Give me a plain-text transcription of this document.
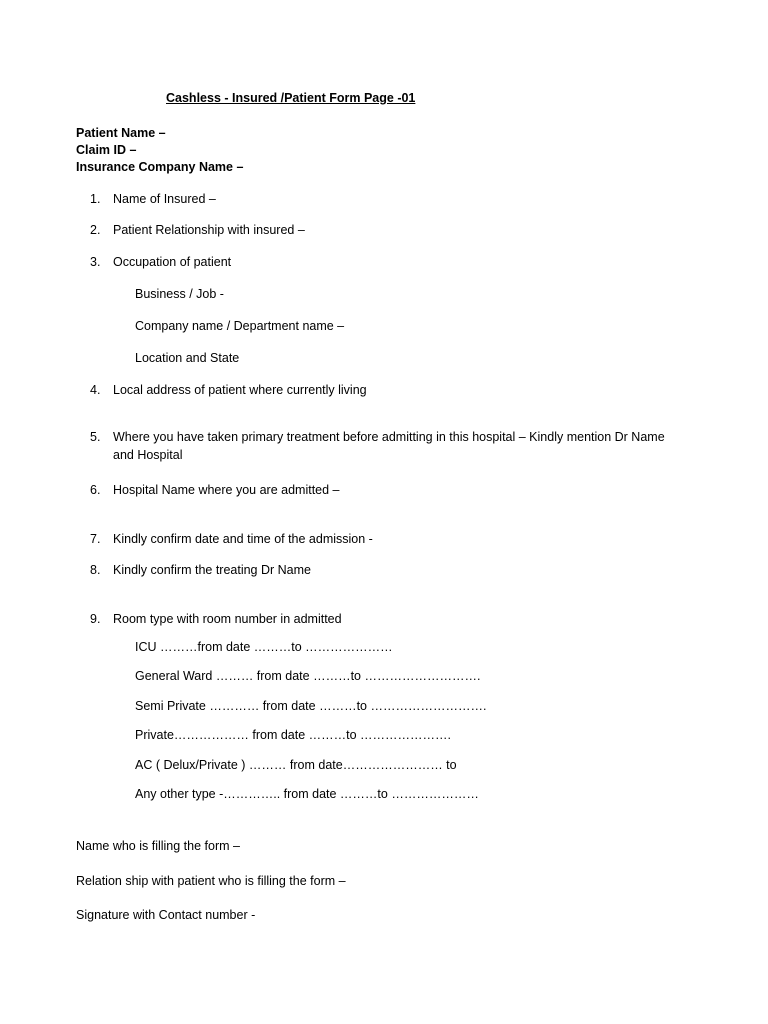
Cashless - Insured /Patient Form Page -01
Patient Name –
Claim ID –
Insurance Company Name –
1. Name of Insured –
2. Patient Relationship with insured –
3. Occupation of patient
Business / Job -
Company name / Department name –
Location and State
4. Local address of patient where currently living
5. Where you have taken primary treatment before admitting in this hospital – Kindly mention Dr Name and Hospital
6. Hospital Name where you are admitted –
7. Kindly confirm date and time of the admission -
8. Kindly confirm the treating Dr Name
9. Room type with room number in admitted
ICU ………from date ………to …………………
General Ward ……… from date ………to ……………………….
Semi Private ………… from date ………to ……………………….
Private……………… from date ………to ………………….
AC ( Delux/Private ) ……… from date…………………… to
Any other type -………….. from date ………to …………………
Name who is filling the form –
Relation ship with patient who is filling the form –
Signature with Contact number -
